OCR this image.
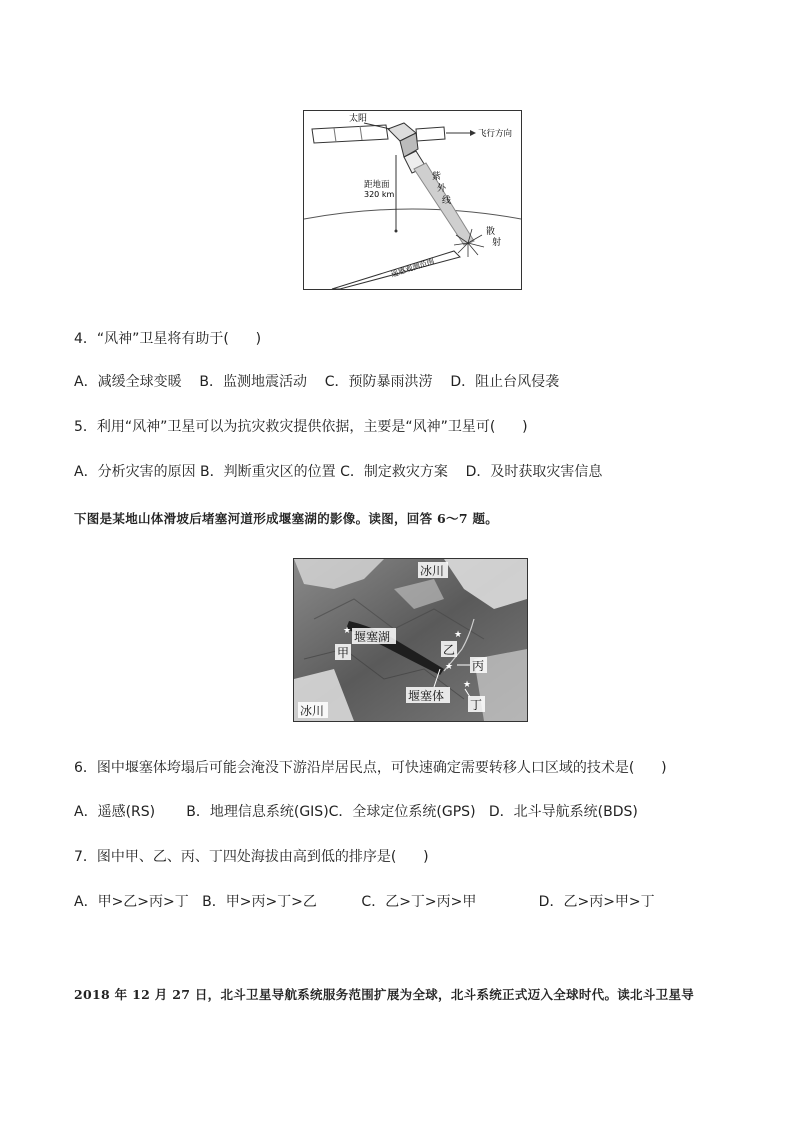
太阳
飞行方向
紫
外
线
距地面
320 km
散
射
遥感观测范围
4．“风神”卫星将有助于(      )
A．减缓全球变暖    B．监测地震活动    C．预防暴雨洪涝    D．阻止台风侵袭
5．利用“风神”卫星可以为抗灾救灾提供依据，主要是“风神”卫星可(      )
A．分析灾害的原因 B．判断重灾区的位置 C．制定救灾方案    D．及时获取灾害信息
下图是某地山体滑坡后堵塞河道形成堰塞湖的影像。读图，回答 6～7 题。
★	★
★
★
冰川
堰塞湖
甲	乙
丙
堰塞体
丁
冰川
6．图中堰塞体垮塌后可能会淹没下游沿岸居民点，可快速确定需要转移人口区域的技术是(      )
A．遥感(RS)       B．地理信息系统(GIS)C．全球定位系统(GPS)   D．北斗导航系统(BDS)
7．图中甲、乙、丙、丁四处海拔由高到低的排序是(      )
A．甲>乙>丙>丁   B．甲>丙>丁>乙          C．乙>丁>丙>甲              D．乙>丙>甲>丁
2018 年 12 月 27 日，北斗卫星导航系统服务范围扩展为全球，北斗系统正式迈入全球时代。读北斗卫星导
